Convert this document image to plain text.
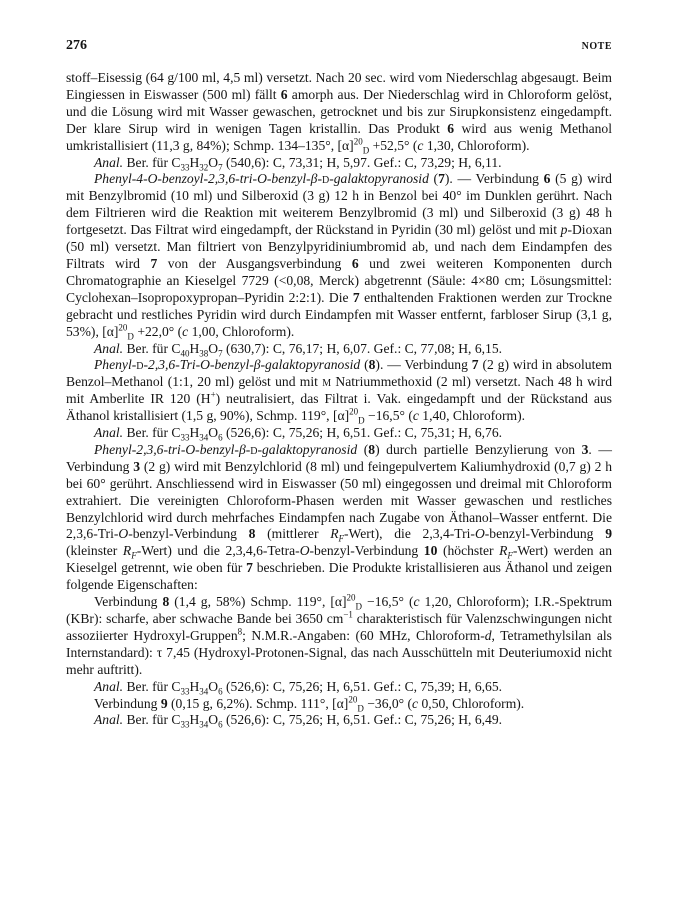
276	NOTE

stoff–Eisessig (64 g/100 ml, 4,5 ml) versetzt. Nach 20 sec. wird vom Niederschlag abgesaugt. Beim Eingiessen in Eiswasser (500 ml) fällt 6 amorph aus. Der Niederschlag wird in Chloroform gelöst, und die Lösung wird mit Wasser gewaschen, getrocknet und bis zur Sirupkonsistenz eingedampft. Der klare Sirup wird in wenigen Tagen kristallin. Das Produkt 6 wird aus wenig Methanol umkristallisiert (11,3 g, 84%); Schmp. 134–135°, $[\alpha]^{20}_D +52,5^\circ$ (c 1,30, Chloroform).

Anal. Ber. für $C_{33}H_{32}O_7$ (540,6): C, 73,31; H, 5,97. Gef.: C, 73,29; H, 6,11.

Phenyl-4-O-benzoyl-2,3,6-tri-O-benzyl-β-d-galaktopyranosid (7). — Verbindung 6 (5 g) wird mit Benzylbromid (10 ml) und Silberoxid (3 g) 12 h in Benzol bei 40° im Dunklen gerührt. Nach dem Filtrieren wird die Reaktion mit weiterem Benzylbromid (3 ml) und Silberoxid (3 g) 48 h fortgesetzt. Das Filtrat wird eingedampft, der Rückstand in Pyridin (30 ml) gelöst und mit p-Dioxan (50 ml) versetzt. Man filtriert von Benzylpyridiniumbromid ab, und nach dem Eindampfen des Filtrats wird 7 von der Ausgangsverbindung 6 und zwei weiteren Komponenten durch Chromatographie an Kieselgel 7729 (<0,08, Merck) abgetrennt (Säule: 4×80 cm; Lösungsmittel: Cyclohexan–Isopropoxypropan–Pyridin 2:2:1). Die 7 enthaltenden Fraktionen werden zur Trockne gebracht und restliches Pyridin wird durch Eindampfen mit Wasser entfernt, farbloser Sirup (3,1 g, 53%), $[\alpha]^{20}_D +22,0^\circ$ (c 1,00, Chloroform).

Anal. Ber. für $C_{40}H_{38}O_7$ (630,7): C, 76,17; H, 6,07. Gef.: C, 77,08; H, 6,15.

Phenyl-d-2,3,6-Tri-O-benzyl-β-galaktopyranosid (8). — Verbindung 7 (2 g) wird in absolutem Benzol–Methanol (1:1, 20 ml) gelöst und mit m Natriummethoxid (2 ml) versetzt. Nach 48 h wird mit Amberlite IR 120 (H+) neutralisiert, das Filtrat i. Vak. eingedampft und der Rückstand aus Äthanol kristallisiert (1,5 g, 90%), Schmp. 119°, $[\alpha]^{20}_D -16,5^\circ$ (c 1,40, Chloroform).

Anal. Ber. für $C_{33}H_{34}O_6$ (526,6): C, 75,26; H, 6,51. Gef.: C, 75,31; H, 6,76.

Phenyl-2,3,6-tri-O-benzyl-β-d-galaktopyranosid (8) durch partielle Benzylierung von 3. — Verbindung 3 (2 g) wird mit Benzylchlorid (8 ml) und feingepulvertem Kaliumhydroxid (0,7 g) 2 h bei 60° gerührt. Anschliessend wird in Eiswasser (50 ml) eingegossen und dreimal mit Chloroform extrahiert. Die vereinigten Chloroform-Phasen werden mit Wasser gewaschen und restliches Benzylchlorid wird durch mehrfaches Eindampfen nach Zugabe von Äthanol–Wasser entfernt. Die 2,3,6-Tri-O-benzyl-Verbindung 8 (mittlerer $R_F-Wert$), die 2,3,4-Tri-O-benzyl-Verbindung 9 (kleinster $R_F-Wert$) und die 2,3,4,6-Tetra-O-benzyl-Verbindung 10 (höchster $R_F-Wert$) werden an Kieselgel getrennt, wie oben für 7 beschrieben. Die Produkte kristallisieren aus Äthanol und zeigen folgende Eigenschaften:

Verbindung 8 (1,4 g, 58%) Schmp. 119°, $[\alpha]^{20}_D -16,5^\circ$ (c 1,20, Chloroform); I.R.-Spektrum (KBr): scharfe, aber schwache Bande bei 3650 $cm^{-1}$ charakteristisch für Valenzschwingungen nicht assoziierter Hydroxyl-Gruppen$^8$; N.M.R.-Angaben: (60 MHz, Chloroform-d, Tetramethylsilan als Internstandard): τ 7,45 (Hydroxyl-Protonen-Signal, das nach Ausschütteln mit Deuteriumoxid nicht mehr auftritt).

Anal. Ber. für $C_{33}H_{34}O_6$ (526,6): C, 75,26; H, 6,51. Gef.: C, 75,39; H, 6,65.

Verbindung 9 (0,15 g, 6,2%). Schmp. 111°, $[\alpha]^{20}_D -36,0^\circ$ (c 0,50, Chloroform).

Anal. Ber. für $C_{33}H_{34}O_6$ (526,6): C, 75,26; H, 6,51. Gef.: C, 75,26; H, 6,49.
